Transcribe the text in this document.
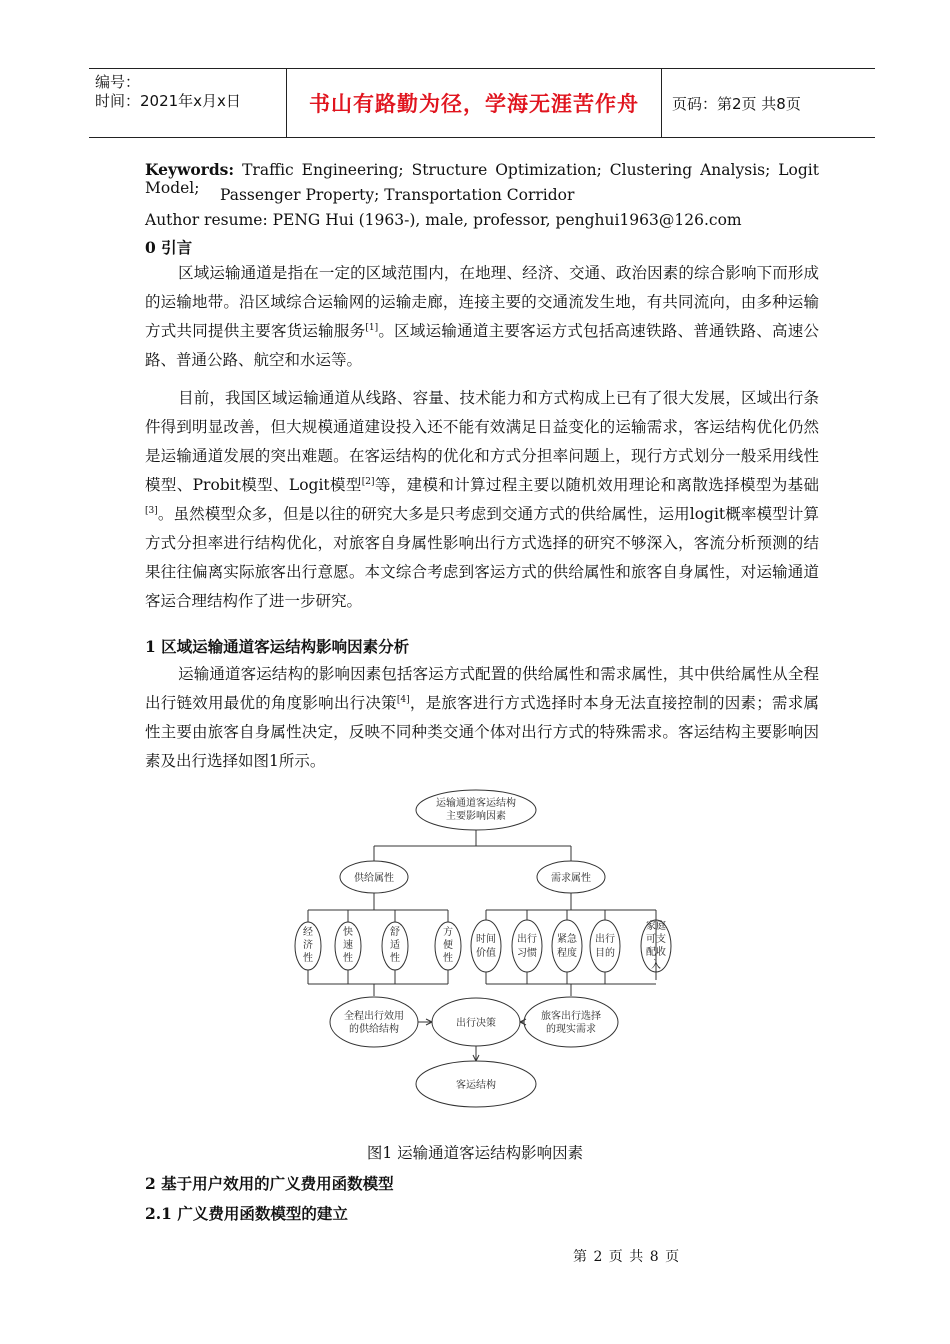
编号：
时间：2021年x月x日	书山有路勤为径，学海无涯苦作舟	页码：第2页 共8页
Keywords: Traffic Engineering; Structure Optimization; Clustering Analysis; Logit Model;	Passenger Property; Transportation Corridor
Author resume: PENG Hui (1963-), male, professor, penghui1963@126.com
0 引言
区域运输通道是指在一定的区域范围内，在地理、经济、交通、政治因素的综合影响下而形成的运输地带。沿区域综合运输网的运输走廊，连接主要的交通流发生地，有共同流向，由多种运输方式共同提供主要客货运输服务[1]。区域运输通道主要客运方式包括高速铁路、普通铁路、高速公路、普通公路、航空和水运等。
目前，我国区域运输通道从线路、容量、技术能力和方式构成上已有了很大发展，区域出行条件得到明显改善，但大规模通道建设投入还不能有效满足日益变化的运输需求，客运结构优化仍然是运输通道发展的突出难题。在客运结构的优化和方式分担率问题上，现行方式划分一般采用线性模型、Probit模型、Logit模型[2]等，建模和计算过程主要以随机效用理论和离散选择模型为基础[3]。虽然模型众多，但是以往的研究大多是只考虑到交通方式的供给属性，运用logit概率模型计算方式分担率进行结构优化，对旅客自身属性影响出行方式选择的研究不够深入，客流分析预测的结果往往偏离实际旅客出行意愿。本文综合考虑到客运方式的供给属性和旅客自身属性，对运输通道客运合理结构作了进一步研究。
1 区域运输通道客运结构影响因素分析
运输通道客运结构的影响因素包括客运方式配置的供给属性和需求属性，其中供给属性从全程出行链效用最优的角度影响出行决策[4]，是旅客进行方式选择时本身无法直接控制的因素；需求属性主要由旅客自身属性决定，反映不同种类交通个体对出行方式的特殊需求。客运结构主要影响因素及出行选择如图1所示。
2 基于用户效用的广义费用函数模型
2.1 广义费用函数模型的建立
运输通道客运结构
主要影响因素
供给属性	需求属性
经
济
性
快
速
性
舒
适
性
方
便
性
时间
价值
出行
习惯
紧急
程度
出行
目的
家庭
可支
配收
入
全程出行效用
的供给结构
出行决策
旅客出行选择
的现实需求
客运结构
图1 运输通道客运结构影响因素
第 2 页 共 8 页
